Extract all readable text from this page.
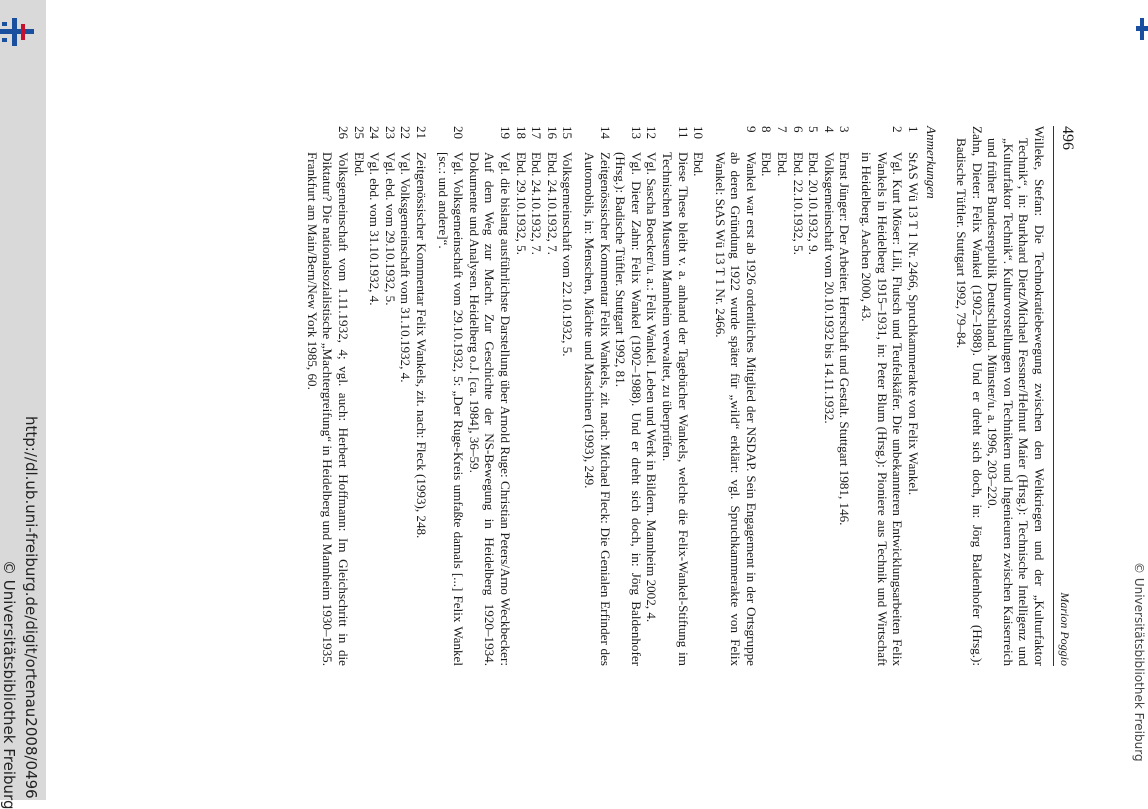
http://dl.ub.uni-freiburg.de/digit/ortenau2008/0496
© Universitätsbibliothek Freiburg	© Universitätsbibliothek Freiburg
496
Marion Poggio

Willeke, Stefan: Die Technokratiebewegung zwischen den Weltkriegen und der „Kulturfaktor Technik“, in: Burkhard Dietz/Michael Fessner/Helmut Maier (Hrsg.): Technische Intelligenz und „Kulturfaktor Technik“. Kulturvorstellungen von Technikern und Ingenieuren zwischen Kaiserreich und früher Bundesrepublik Deutschland. Münster/u. a. 1996, 203–220.

Zahn, Dieter: Felix Wankel (1902–1988). Und er dreht sich doch, in: Jörg Baldenhofer (Hrsg.): Badische Tüftler. Stuttgart 1992, 79–84.

Anmerkungen
1
StAS Wü 13 T 1 Nr. 2466, Spruchkammerakte von Felix Wankel.
2
Vgl. Kurt Möser: Lili, Flutsch und Teufelskäfer. Die unbekannteren Entwicklungsarbeiten Felix Wankels in Heidelberg 1915–1931, in: Peter Blum (Hrsg.): Pioniere aus Technik und Wirtschaft in Heidelberg. Aachen 2000, 43.
3
Ernst Jünger: Der Arbeiter. Herrschaft und Gestalt. Stuttgart 1981, 146.
4
Volksgemeinschaft vom 20.10.1932 bis 14.11.1932.
5
Ebd. 20.10.1932, 9.
6
Ebd. 22.10.1932, 5.
7
Ebd.
8
Ebd.
9
Wankel war erst ab 1926 ordentliches Mitglied der NSDAP. Sein Engagement in der Ortsgruppe ab deren Gründung 1922 wurde später für „wild“ erklärt: vgl. Spruchkammerakte von Felix Wankel: StAS Wü 13 T 1 Nr. 2466.
10
Ebd.
11
Diese These bleibt v. a. anhand der Tagebücher Wankels, welche die Felix-Wankel-Stiftung im Technischen Museum Mannheim verwaltet, zu überprüfen.
12
Vgl. Sascha Boecker/u. a.: Felix Wankel. Leben und Werk in Bildern. Mannheim 2002, 4.
13
Vgl. Dieter Zahn: Felix Wankel (1902–1988). Und er dreht sich doch, in: Jörg Baldenhofer (Hrsg.): Badische Tüftler. Stuttgart 1992, 81.
14
Zeitgenössischer Kommentar Felix Wankels, zit. nach: Michael Fleck: Die Genialen Erfinder des Automobils, in: Menschen, Mächte und Maschinen (1993), 249.
15
Volksgemeinschaft vom 22.10.1932, 5.
16
Ebd. 24.10.1932, 7.
17
Ebd. 24.10.1932, 7.
18
Ebd. 29.10.1932, 5.
19
Vgl. die bislang ausführlichste Darstellung über Arnold Ruge: Christian Peters/Arno Weckbecker: Auf dem Weg zur Macht. Zur Geschichte der NS-Bewegung in Heidelberg 1920–1934. Dokumente und Analysen. Heidelberg o.J. [ca. 1984], 36–59.
20
Vgl. Volksgemeinschaft vom 29.10.1932, 5: „Der Ruge-Kreis umfaßte damals [...] Felix Wankel [sc.: und andere]“.
21
Zeitgenössischer Kommentar Felix Wankels, zit. nach: Fleck (1993), 248.
22
Vgl. Volksgemeinschaft vom 31.10.1932, 4.
23
Vgl. ebd. vom 29.10.1932, 5.
24
Vgl. ebd. vom 31.10.1932, 4.
25
Ebd.
26
Volksgemeinschaft vom 1.11.1932, 4; vgl. auch: Herbert Hoffmann: Im Gleichschritt in die Diktatur? Die nationalsozialistische „Machtergreifung“ in Heidelberg und Mannheim 1930–1935. Frankfurt am Main/Bern/New York 1985, 60.
